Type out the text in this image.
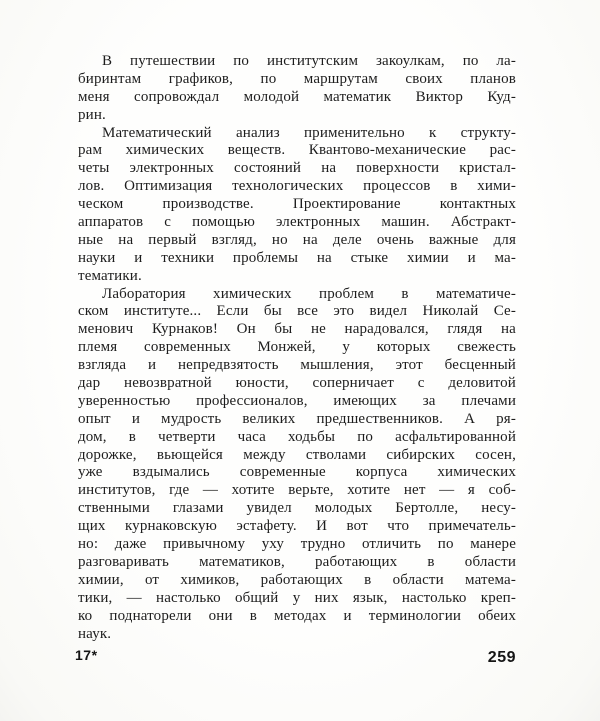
В путешествии по институтским закоулкам, по ла-
биринтам графиков, по маршрутам своих планов
меня сопровождал молодой математик Виктор Куд-
рин.
Математический анализ применительно к структу-
рам химических веществ. Квантово-механические рас-
четы электронных состояний на поверхности кристал-
лов. Оптимизация технологических процессов в хими-
ческом производстве. Проектирование контактных
аппаратов с помощью электронных машин. Абстракт-
ные на первый взгляд, но на деле очень важные для
науки и техники проблемы на стыке химии и ма-
тематики.
Лаборатория химических проблем в математиче-
ском институте... Если бы все это видел Николай Се-
менович Курнаков! Он бы не нарадовался, глядя на
племя современных Монжей, у которых свежесть
взгляда и непредвзятость мышления, этот бесценный
дар невозвратной юности, соперничает с деловитой
уверенностью профессионалов, имеющих за плечами
опыт и мудрость великих предшественников. А ря-
дом, в четверти часа ходьбы по асфальтированной
дорожке, вьющейся между стволами сибирских сосен,
уже вздымались современные корпуса химических
институтов, где — хотите верьте, хотите нет — я соб-
ственными глазами увидел молодых Бертолле, несу-
щих курнаковскую эстафету. И вот что примечатель-
но: даже привычному уху трудно отличить по манере
разговаривать математиков, работающих в области
химии, от химиков, работающих в области матема-
тики, — настолько общий у них язык, настолько креп-
ко поднаторели они в методах и терминологии обеих
наук.
17*	259
